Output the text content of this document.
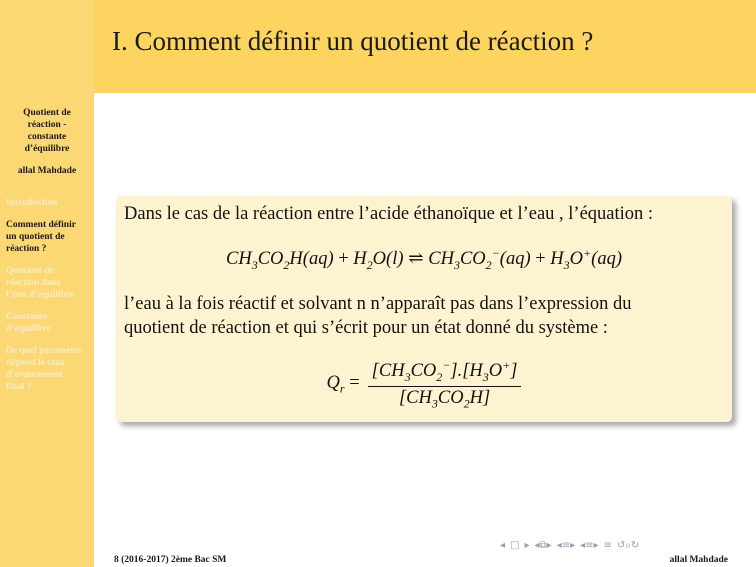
Quotient de
réaction -
constante
d’équilibre
allal Mahdade
Introduction
Comment définir
un quotient de
réaction ?
Quotient de
réaction dans
l’état d’équilibre
Constante
d’équilibre
De quel paramètre
dépend le taux
d’avancement
final ?
I. Comment définir un quotient de réaction ?
Dans le cas de la réaction entre l’acide éthanoïque et l’eau , l’équation :
$CH_3CO_2H(aq) + H_2O(l)$ ⇌ $CH_3CO_2^-(aq) + H_3O^+(aq)$
l’eau à la fois réactif et solvant n n’apparaît pas dans l’expression du
quotient de réaction et qui s’écrit pour un état donné du système :
$Q_r = \frac{[CH_3CO_2^-].[H_3O^+]}{[CH_3CO_2H]}$
◂ □ ▸ ◂⧉▸ ◂≡▸ ◂≡▸ ≡ ↺⌕↻
8 (2016-2017) 2ème Bac SM	allal Mahdade
